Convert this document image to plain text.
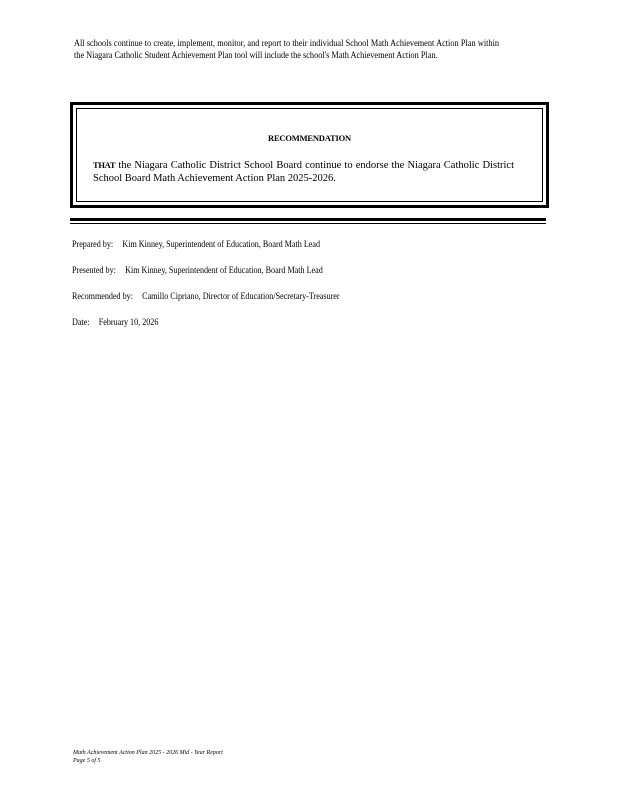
All schools continue to create, implement, monitor, and report to their individual School Math Achievement Action Plan within the Niagara Catholic Student Achievement Plan tool will include the school's Math Achievement Action Plan.
RECOMMENDATION
THAT the Niagara Catholic District School Board continue to endorse the Niagara Catholic District School Board Math Achievement Action Plan 2025-2026.
Prepared by: Kim Kinney, Superintendent of Education, Board Math Lead
Presented by: Kim Kinney, Superintendent of Education, Board Math Lead
Recommended by: Camillo Cipriano, Director of Education/Secretary-Treasurer
Date: February 10, 2026
Math Achievement Action Plan 2025 - 2026 Mid - Year Report
Page 5 of 5
